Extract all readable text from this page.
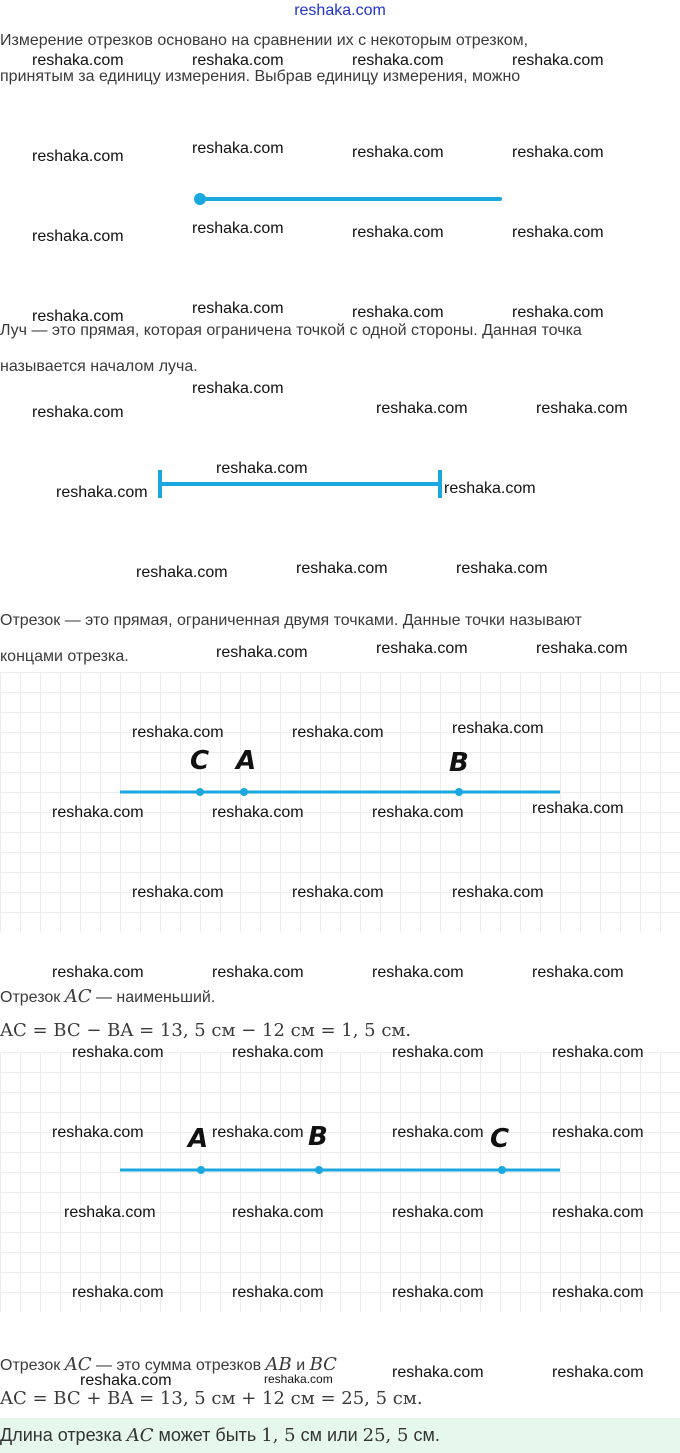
reshaka.com
Измерение отрезков основано на сравнении их с некоторым отрезком,
принятым за единицу измерения. Выбрав единицу измерения, можно
Луч — это прямая, которая ограничена точкой с одной стороны. Данная точка
называется началом луча.
Отрезок — это прямая, ограниченная двумя точками. Данные точки называют
концами отрезка.
C A	B
Отрезок AC — наименьший.
AC = BC − BA = 13, 5 см − 12 см = 1, 5 см.
A	B	C
Отрезок AC — это сумма отрезков AB и BC
AC = BC + BA = 13, 5 см + 12 см = 25, 5 см.
Длина отрезка AC может быть 1, 5 см или 25, 5 см.
reshaka.com	reshaka.com	reshaka.com	reshaka.com
reshaka.com	reshaka.com	reshaka.com	reshaka.com
reshaka.com	reshaka.com	reshaka.com	reshaka.com
reshaka.com	reshaka.com	reshaka.com	reshaka.com
reshaka.com
reshaka.com	reshaka.com	reshaka.com
reshaka.com
reshaka.com	reshaka.com
reshaka.com	reshaka.com	reshaka.com
reshaka.com	reshaka.com	reshaka.com
reshaka.com	reshaka.com	reshaka.com
reshaka.com	reshaka.com	reshaka.com	reshaka.com
reshaka.com	reshaka.com	reshaka.com
reshaka.com	reshaka.com	reshaka.com	reshaka.com
reshaka.com	reshaka.com	reshaka.com	reshaka.com
reshaka.com	reshaka.com	reshaka.com	reshaka.com
reshaka.com	reshaka.com	reshaka.com	reshaka.com
reshaka.com	reshaka.com	reshaka.com	reshaka.com
reshaka.com	reshaka.com
reshaka.com	reshaka.com
